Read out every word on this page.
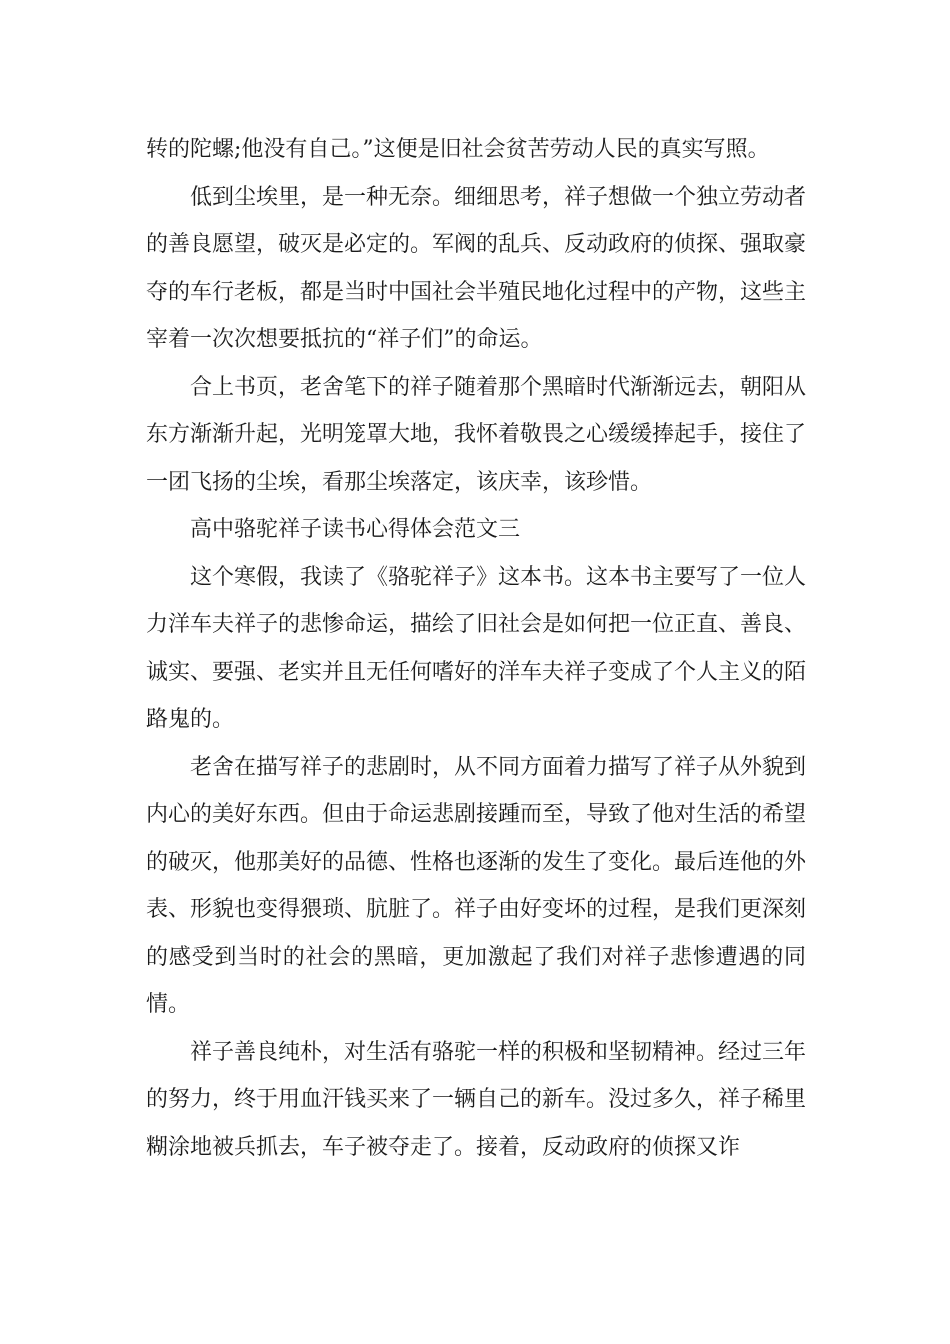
转的陀螺;他没有自己。”这便是旧社会贫苦劳动人民的真实写照。

低到尘埃里，是一种无奈。细细思考，祥子想做一个独立劳动者的善良愿望，破灭是必定的。军阀的乱兵、反动政府的侦探、强取豪夺的车行老板，都是当时中国社会半殖民地化过程中的产物，这些主宰着一次次想要抵抗的“祥子们”的命运。

合上书页，老舍笔下的祥子随着那个黑暗时代渐渐远去，朝阳从东方渐渐升起，光明笼罩大地，我怀着敬畏之心缓缓捧起手，接住了一团飞扬的尘埃，看那尘埃落定，该庆幸，该珍惜。

高中骆驼祥子读书心得体会范文三

这个寒假，我读了《骆驼祥子》这本书。这本书主要写了一位人力洋车夫祥子的悲惨命运，描绘了旧社会是如何把一位正直、善良、诚实、要强、老实并且无任何嗜好的洋车夫祥子变成了个人主义的陌路鬼的。

老舍在描写祥子的悲剧时，从不同方面着力描写了祥子从外貌到内心的美好东西。但由于命运悲剧接踵而至，导致了他对生活的希望的破灭，他那美好的品德、性格也逐渐的发生了变化。最后连他的外表、形貌也变得猥琐、肮脏了。祥子由好变坏的过程，是我们更深刻的感受到当时的社会的黑暗，更加激起了我们对祥子悲惨遭遇的同情。

祥子善良纯朴，对生活有骆驼一样的积极和坚韧精神。经过三年的努力，终于用血汗钱买来了一辆自己的新车。没过多久，祥子稀里糊涂地被兵抓去，车子被夺走了。接着，反动政府的侦探又诈
